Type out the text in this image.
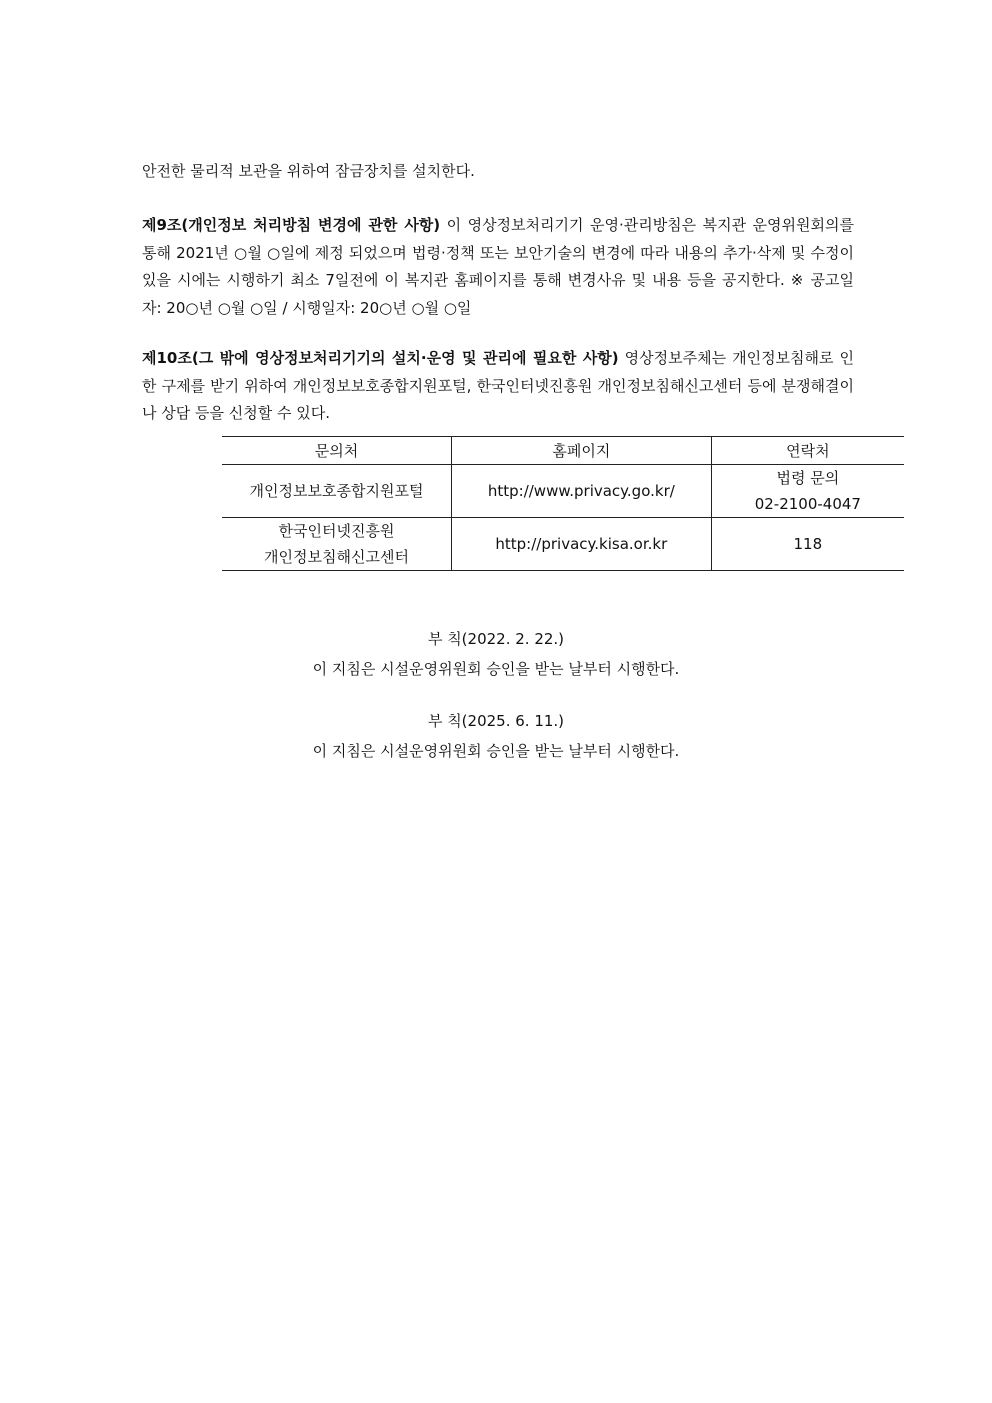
안전한 물리적 보관을 위하여 잠금장치를 설치한다.

제9조(개인정보 처리방침 변경에 관한 사항) 이 영상정보처리기기 운영·관리방침은 복지관 운영위원회의를 통해 2021년 ○월 ○일에 제정 되었으며 법령·정책 또는 보안기술의 변경에 따라 내용의 추가·삭제 및 수정이 있을 시에는 시행하기 최소 7일전에 이 복지관 홈페이지를 통해 변경사유 및 내용 등을 공지한다. ※ 공고일자: 20○년 ○월 ○일 / 시행일자: 20○년 ○월 ○일

제10조(그 밖에 영상정보처리기기의 설치·운영 및 관리에 필요한 사항) 영상정보주체는 개인정보침해로 인한 구제를 받기 위하여 개인정보보호종합지원포털, 한국인터넷진흥원 개인정보침해신고센터 등에 분쟁해결이나 상담 등을 신청할 수 있다.

문의처	홈페이지	연락처

개인정보보호종합지원포털	http://www.privacy.go.kr/	법령 문의
02-2100-4047

한국인터넷진흥원
개인정보침해신고센터	http://privacy.kisa.or.kr	118
부 칙(2022. 2. 22.)
이 지침은 시설운영위원회 승인을 받는 날부터 시행한다.
부 칙(2025. 6. 11.)
이 지침은 시설운영위원회 승인을 받는 날부터 시행한다.
